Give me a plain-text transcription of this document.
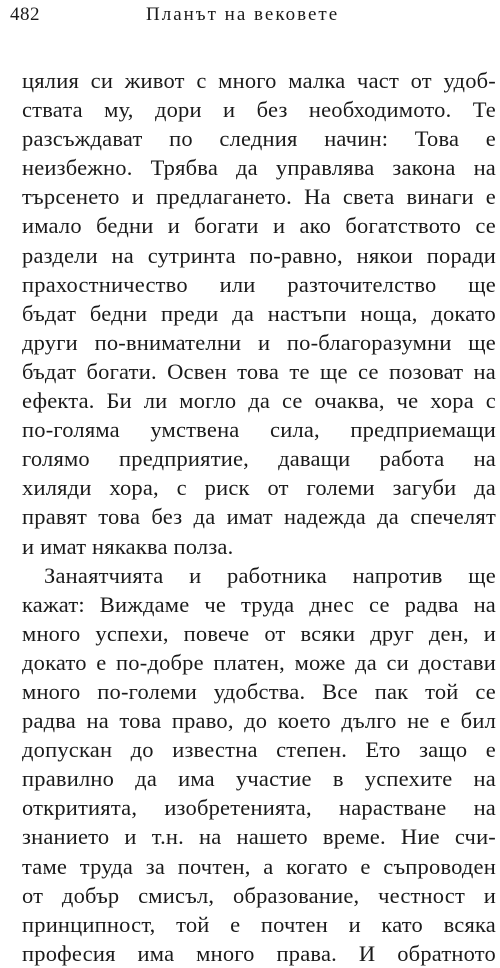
482	Планът на вековете
цялия си живот с много малка част от удоб-
ствата му, дори и без необходимото. Те
разсъждават по следния начин: Това е
неизбежно. Трябва да управлява закона на
търсенето и предлагането. На света винаги е
имало бедни и богати и ако богатството се
раздели на сутринта по-равно, някои поради
прахостничество или разточителство ще
бъдат бедни преди да настъпи ноща, докато
други по-внимателни и по-благоразумни ще
бъдат богати. Освен това те ще се позоват на
ефекта. Би ли могло да се очаква, че хора с
по-голяма умствена сила, предприемащи
голямо предприятие, даващи работа на
хиляди хора, с риск от големи загуби да
правят това без да имат надежда да спечелят
и имат някаква полза.
Занаятчията и работника напротив ще
кажат: Виждаме че труда днес се радва на
много успехи, повече от всяки друг ден, и
докато е по-добре платен, може да си достави
много по-големи удобства. Все пак той се
радва на това право, до което дълго не е бил
допускан до известна степен. Ето защо е
правилно да има участие в успехите на
откритията, изобретенията, нарастване на
знанието и т.н. на нашето време. Ние счи-
таме труда за почтен, а когато е съпроводен
от добър смисъл, образование, честност и
принципност, той е почтен и като всяка
професия има много права. И обратното
